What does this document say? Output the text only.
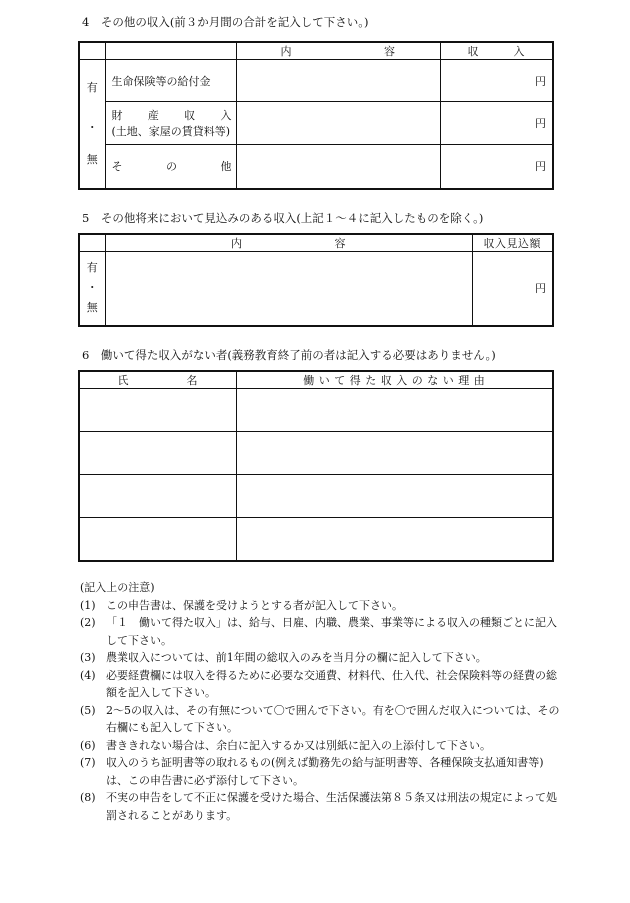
4　その他の収入(前３か月間の合計を記入して下さい。)
		内　　　　　　　　容	収　　　入

有
・
無	生命保険等の給付金		円

	財 産 収 入
(土地、家屋の賃貸料等)		円

	そ の 他		円
5　その他将来において見込みのある収入(上記１～４に記入したものを除く。)
	内　　　　　　　　容	収入見込額

有
・
無		円
6　働いて得た収入がない者(義務教育終了前の者は記入する必要はありません。)
氏　　　　　名	働 い て 得 た 収 入 の な い 理 由

(記入上の注意)
(1) この申告書は、保護を受けようとする者が記入して下さい。
(2) 「１　働いて得た収入」は、給与、日雇、内職、農業、事業等による収入の種類ごとに記入して下さい。
(3) 農業収入については、前1年間の総収入のみを当月分の欄に記入して下さい。
(4) 必要経費欄には収入を得るために必要な交通費、材料代、仕入代、社会保険料等の経費の総額を記入して下さい。
(5) 2～5の収入は、その有無について〇で囲んで下さい。有を〇で囲んだ収入については、その右欄にも記入して下さい。
(6) 書ききれない場合は、余白に記入するか又は別紙に記入の上添付して下さい。
(7) 収入のうち証明書等の取れるもの(例えば勤務先の給与証明書等、各種保険支払通知書等)は、この申告書に必ず添付して下さい。
(8) 不実の申告をして不正に保護を受けた場合、生活保護法第８５条又は刑法の規定によって処罰されることがあります。
